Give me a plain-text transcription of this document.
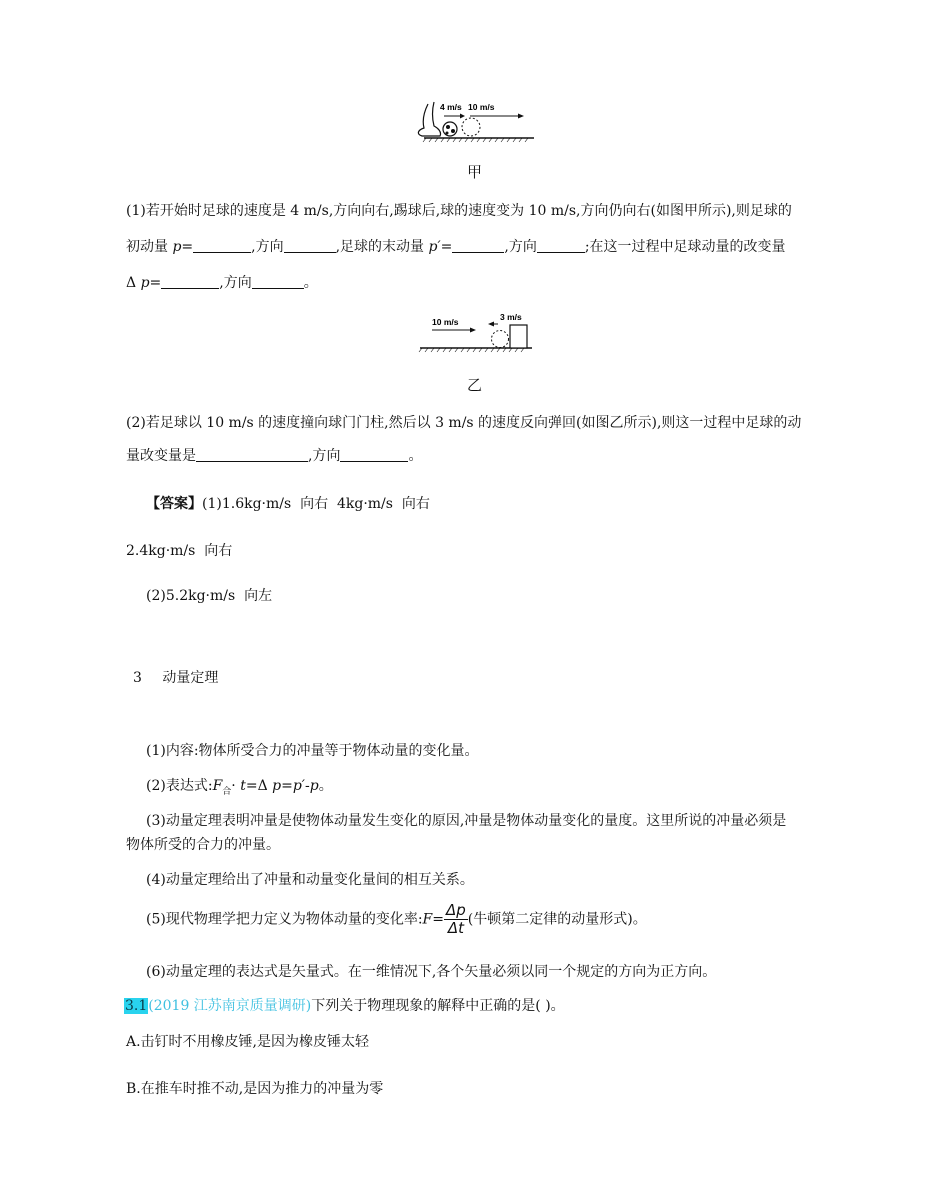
4 m/s 10 m/s
甲
(1)若开始时足球的速度是 4 m/s,方向向右,踢球后,球的速度变为 10 m/s,方向仍向右(如图甲所示),则足球的
初动量 p=	,方向	,足球的末动量 p′=	,方向	;在这一过程中足球动量的改变量
Δ p=	,方向	。
10 m/s	3 m/s
乙
(2)若足球以 10 m/s 的速度撞向球门门柱,然后以 3 m/s 的速度反向弹回(如图乙所示),则这一过程中足球的动
量改变量是	,方向	。
【答案】(1)1.6kg·m/s  向右  4kg·m/s  向右
2.4kg·m/s  向右
(2)5.2kg·m/s  向左
3 动量定理
(1)内容:物体所受合力的冲量等于物体动量的变化量。
(2)表达式$:F_合\cdot t=\Delta$ p=p′-p。
(3)动量定理表明冲量是使物体动量发生变化的原因,冲量是物体动量变化的量度。这里所说的冲量必须是
物体所受的合力的冲量。
(4)动量定理给出了冲量和动量变化量间的相互关系。
(5)现代物理学把力定义为物体动量的变化率:F= $\frac{\Delta p}{\Delta t}$ (牛顿第二定律的动量形式)。
(6)动量定理的表达式是矢量式。在一维情况下,各个矢量必须以同一个规定的方向为正方向。
3.1(2019 江苏南京质量调研)下列关于物理现象的解释中正确的是( )。
A.击钉时不用橡皮锤,是因为橡皮锤太轻
B.在推车时推不动,是因为推力的冲量为零
